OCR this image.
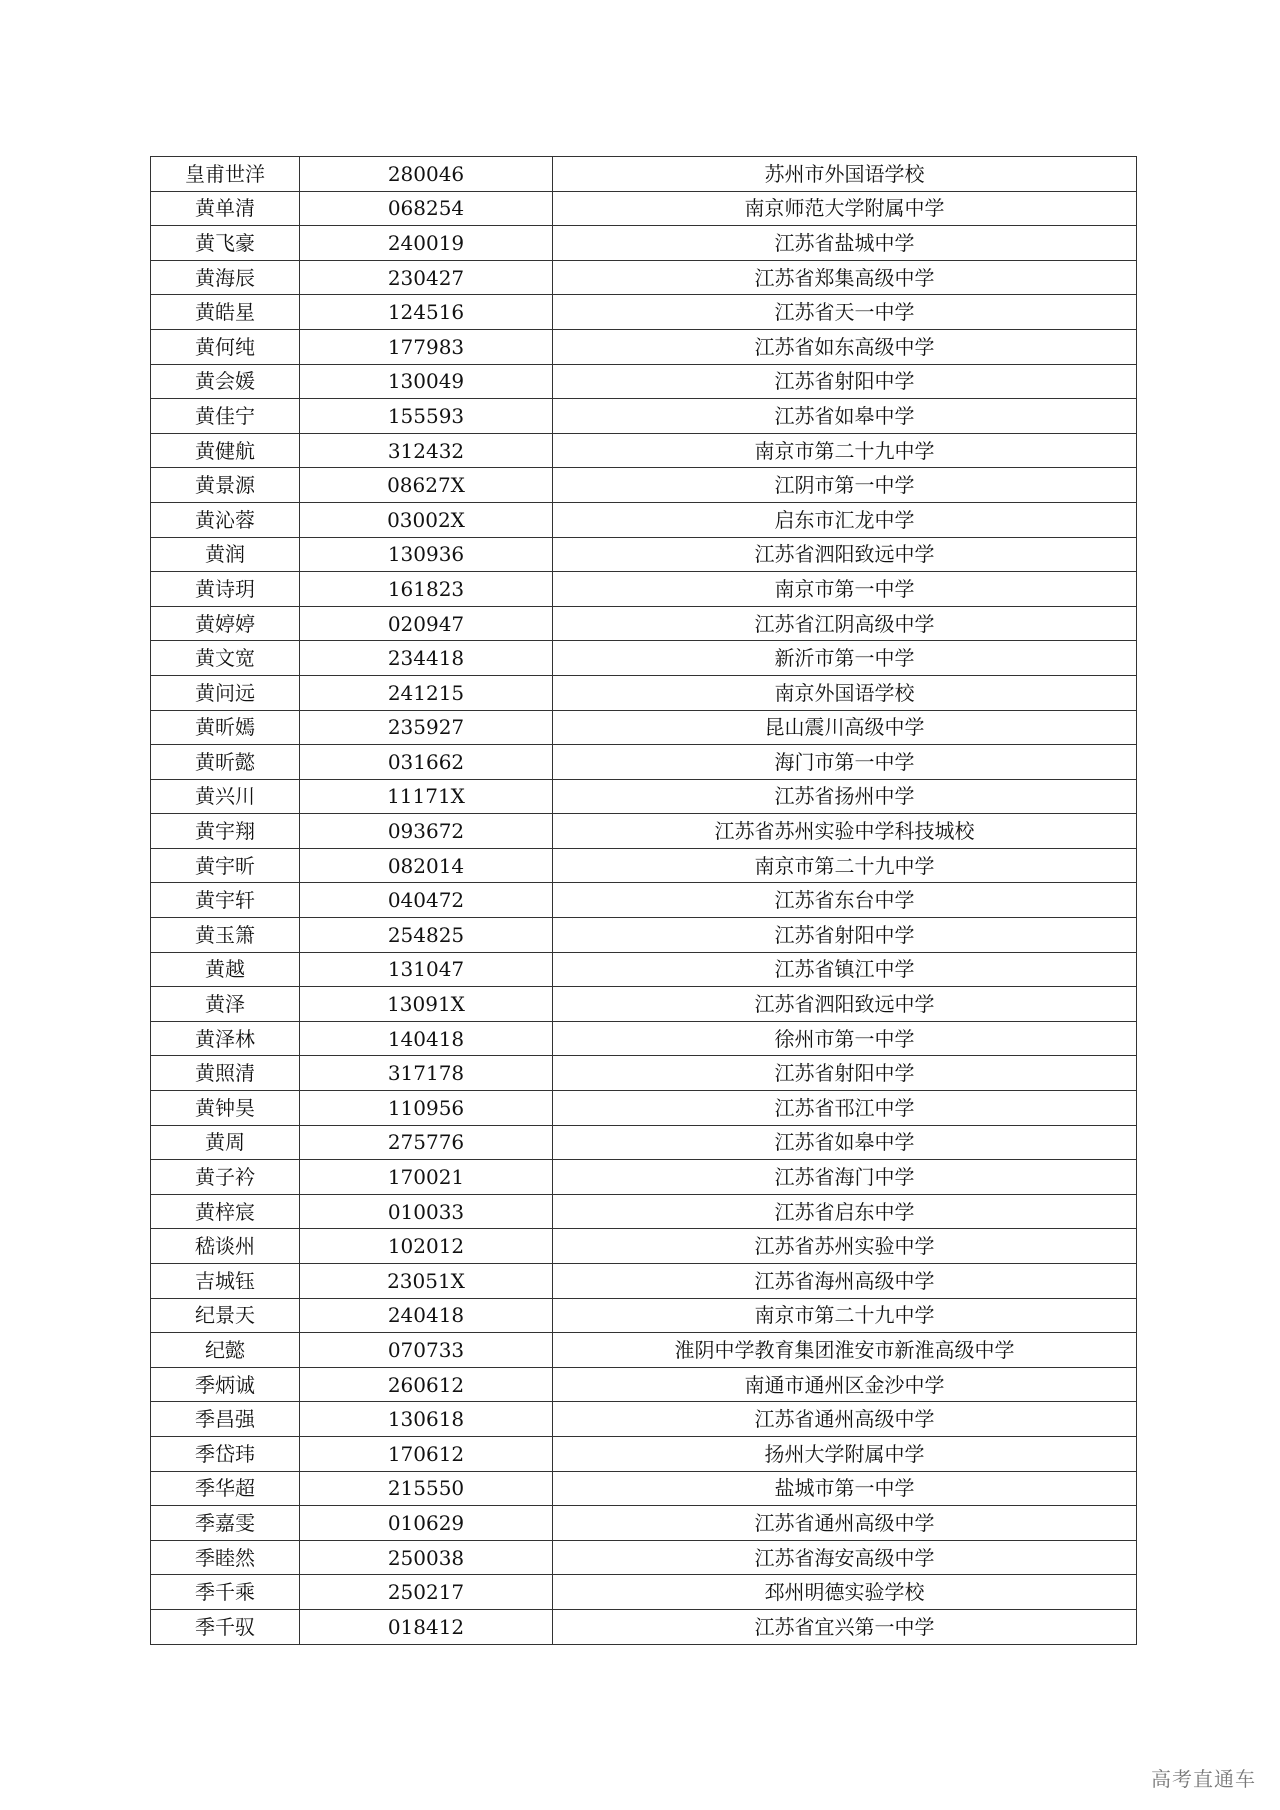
皇甫世洋	280046	苏州市外国语学校
黄单清	068254	南京师范大学附属中学
黄飞豪	240019	江苏省盐城中学
黄海辰	230427	江苏省郑集高级中学
黄皓星	124516	江苏省天一中学
黄何纯	177983	江苏省如东高级中学
黄会媛	130049	江苏省射阳中学
黄佳宁	155593	江苏省如皋中学
黄健航	312432	南京市第二十九中学
黄景源	08627X	江阴市第一中学
黄沁蓉	03002X	启东市汇龙中学
黄润	130936	江苏省泗阳致远中学
黄诗玥	161823	南京市第一中学
黄婷婷	020947	江苏省江阴高级中学
黄文宽	234418	新沂市第一中学
黄问远	241215	南京外国语学校
黄昕嫣	235927	昆山震川高级中学
黄昕懿	031662	海门市第一中学
黄兴川	11171X	江苏省扬州中学
黄宇翔	093672	江苏省苏州实验中学科技城校
黄宇昕	082014	南京市第二十九中学
黄宇轩	040472	江苏省东台中学
黄玉箫	254825	江苏省射阳中学
黄越	131047	江苏省镇江中学
黄泽	13091X	江苏省泗阳致远中学
黄泽林	140418	徐州市第一中学
黄照清	317178	江苏省射阳中学
黄钟昊	110956	江苏省邗江中学
黄周	275776	江苏省如皋中学
黄子衿	170021	江苏省海门中学
黄梓宸	010033	江苏省启东中学
嵇谈州	102012	江苏省苏州实验中学
吉城钰	23051X	江苏省海州高级中学
纪景天	240418	南京市第二十九中学
纪懿	070733	淮阴中学教育集团淮安市新淮高级中学
季炳诚	260612	南通市通州区金沙中学
季昌强	130618	江苏省通州高级中学
季岱玮	170612	扬州大学附属中学
季华超	215550	盐城市第一中学
季嘉雯	010629	江苏省通州高级中学
季睦然	250038	江苏省海安高级中学
季千乘	250217	邳州明德实验学校
季千驭	018412	江苏省宜兴第一中学
高考直通车
